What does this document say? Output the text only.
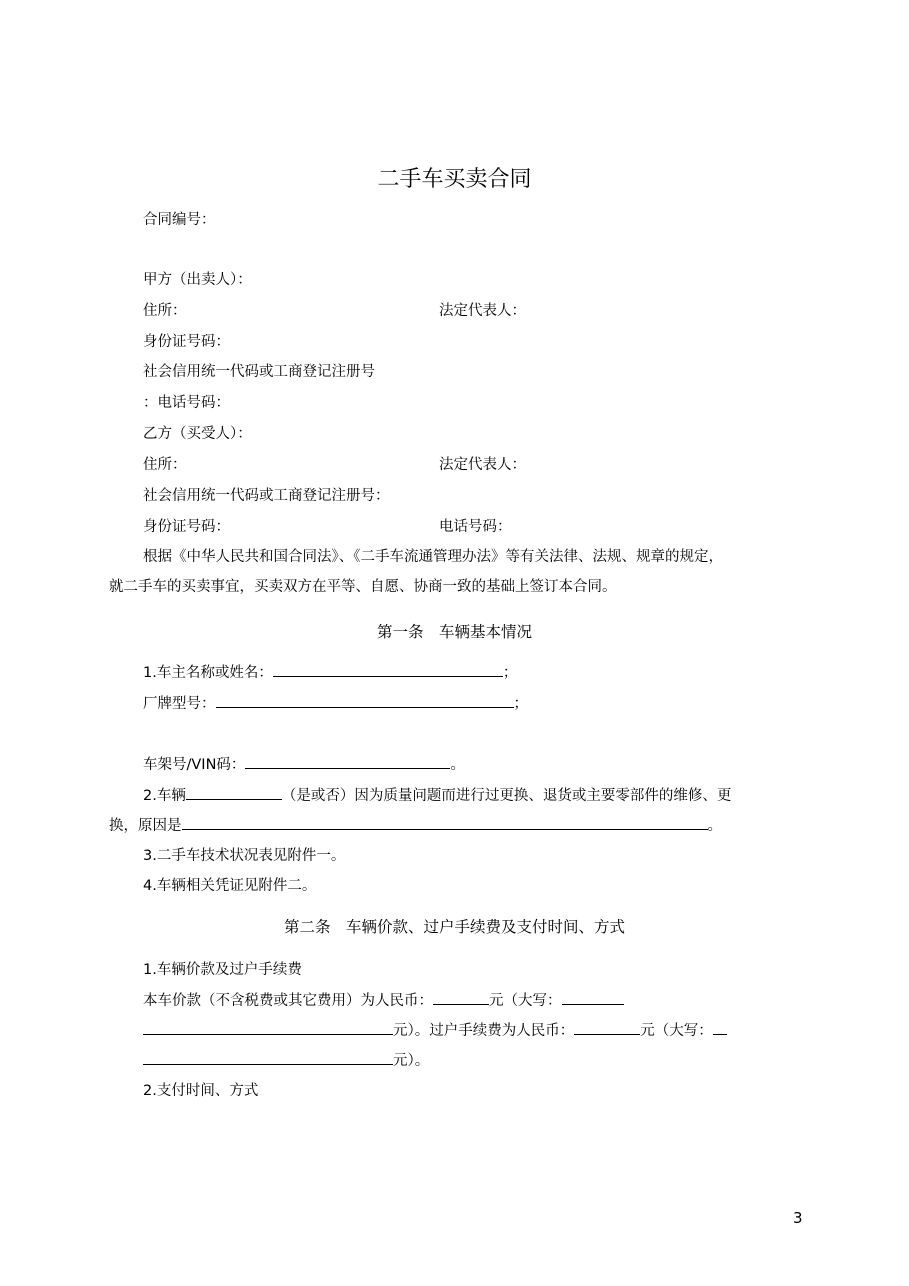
二手车买卖合同
合同编号：
甲方（出卖人）：
住所：	法定代表人：
身份证号码：
社会信用统一代码或工商登记注册号
：电话号码：
乙方（买受人）：
住所：	法定代表人：
社会信用统一代码或工商登记注册号：
身份证号码：	电话号码：
根据《中华人民共和国合同法》、《二手车流通管理办法》等有关法律、法规、规章的规定，
就二手车的买卖事宜，买卖双方在平等、自愿、协商一致的基础上签订本合同。
第一条　车辆基本情况
1.车主名称或姓名：	；
厂牌型号：	；
车架号/VIN码：	。
2.车辆	（是或否）因为质量问题而进行过更换、退货或主要零部件的维修、更
换，原因是	。
3.二手车技术状况表见附件一。
4.车辆相关凭证见附件二。
第二条　车辆价款、过户手续费及支付时间、方式
1.车辆价款及过户手续费
本车价款（不含税费或其它费用）为人民币：	元（大写：
元）。过户手续费为人民币：	元（大写：
元）。
2.支付时间、方式
3
